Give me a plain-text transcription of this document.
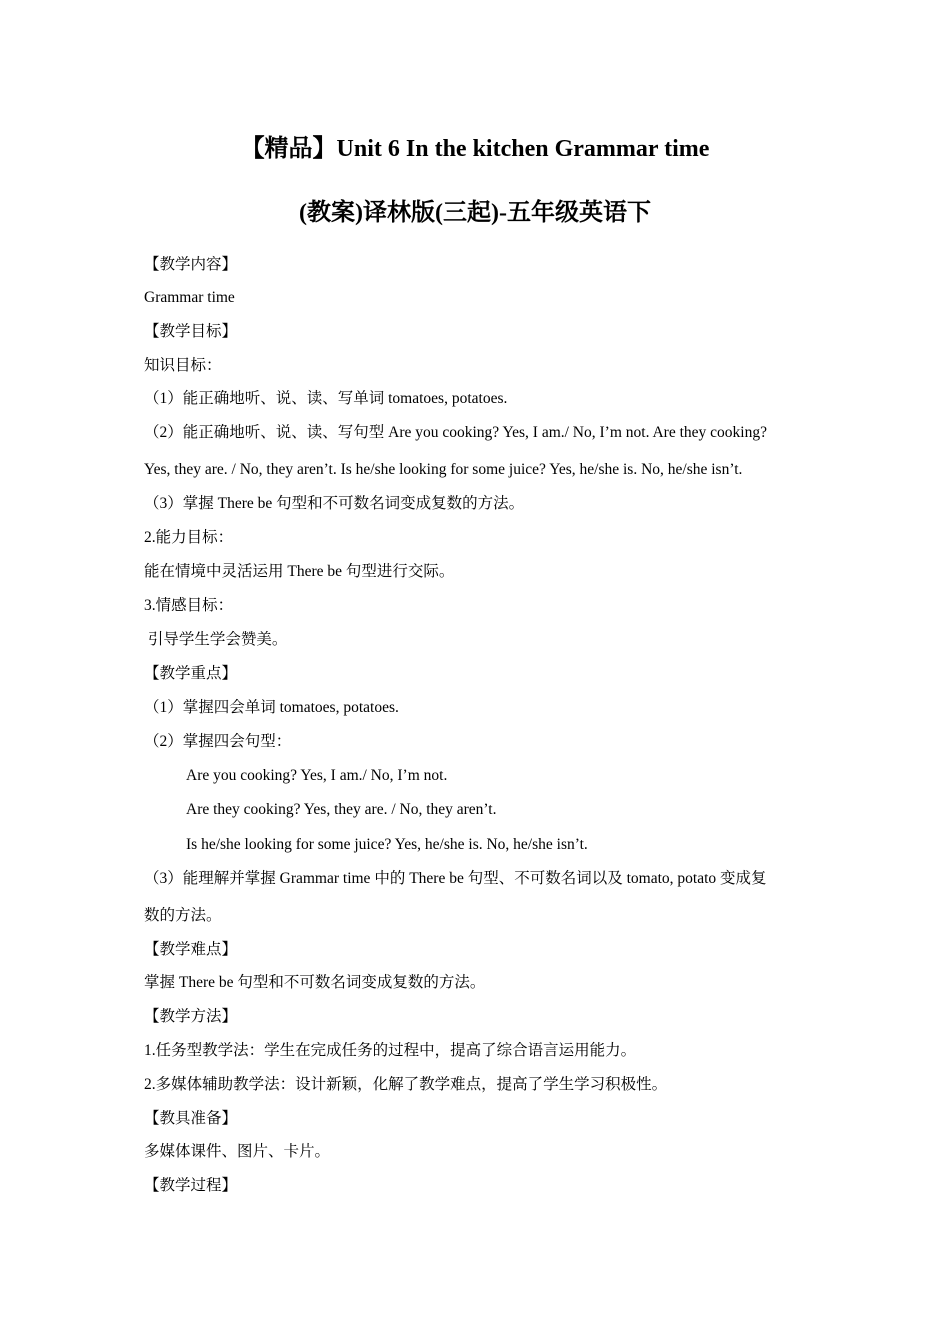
【精品】Unit 6 In the kitchen Grammar time
(教案)译林版(三起)-五年级英语下
【教学内容】
Grammar time
【教学目标】
知识目标：
（1）能正确地听、说、读、写单词 tomatoes, potatoes.
（2）能正确地听、说、读、写句型 Are you cooking? Yes, I am./ No, I’m not. Are they cooking?
Yes, they are. / No, they aren’t. Is he/she looking for some juice? Yes, he/she is. No, he/she isn’t.
（3）掌握 There be 句型和不可数名词变成复数的方法。
2.能力目标：
能在情境中灵活运用 There be 句型进行交际。
3.情感目标：
引导学生学会赞美。
【教学重点】
（1）掌握四会单词 tomatoes, potatoes.
（2）掌握四会句型：
Are you cooking? Yes, I am./ No, I’m not.
Are they cooking? Yes, they are. / No, they aren’t.
Is he/she looking for some juice? Yes, he/she is. No, he/she isn’t.
（3）能理解并掌握 Grammar time 中的 There be 句型、不可数名词以及 tomato, potato 变成复
数的方法。
【教学难点】
掌握 There be 句型和不可数名词变成复数的方法。
【教学方法】
1.任务型教学法：学生在完成任务的过程中，提高了综合语言运用能力。
2.多媒体辅助教学法：设计新颖，化解了教学难点，提高了学生学习积极性。
【教具准备】
多媒体课件、图片、卡片。
【教学过程】
